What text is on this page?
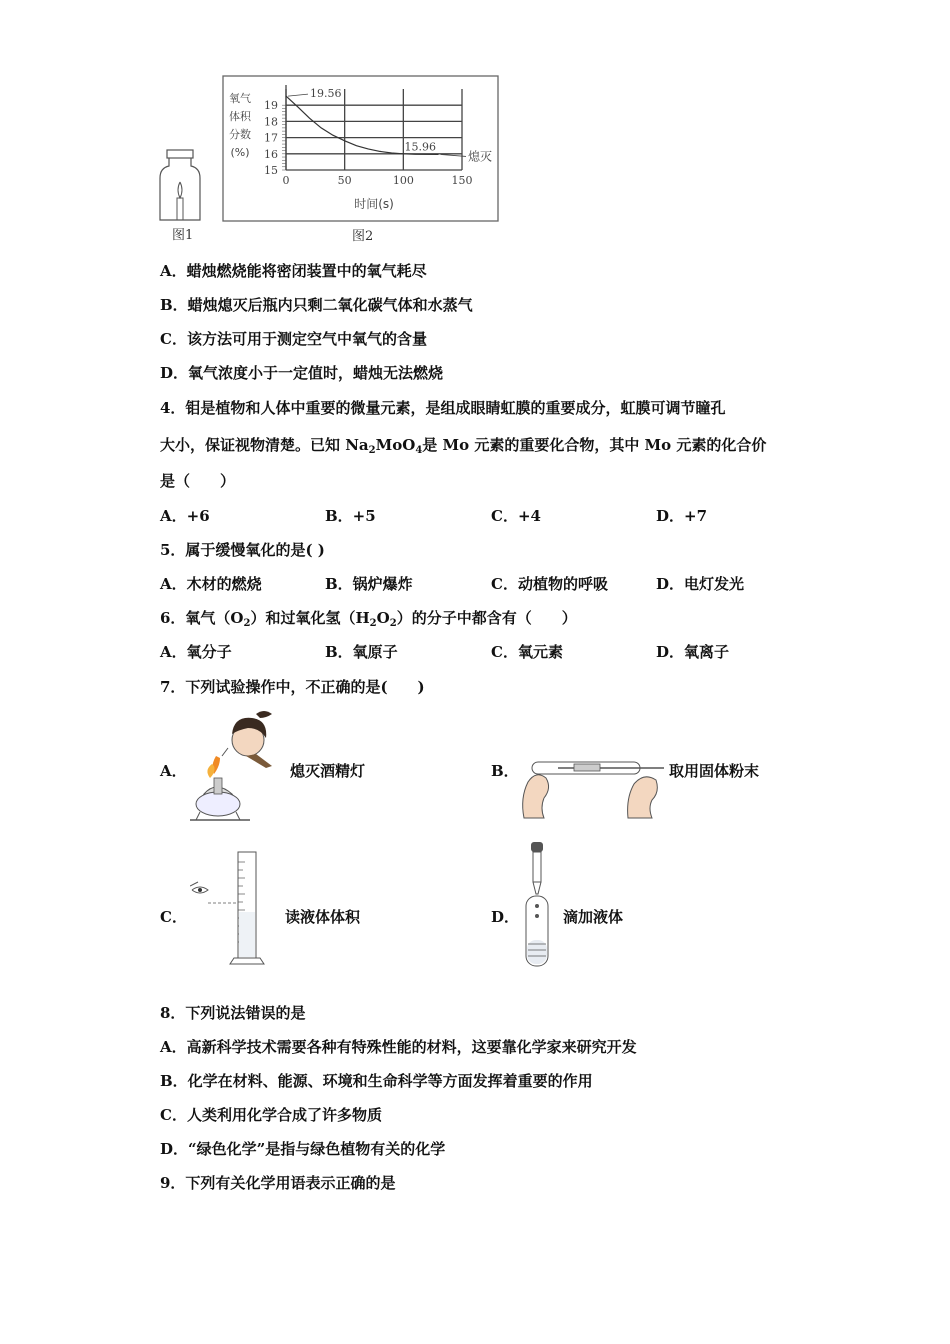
图1
15
16
17
18
19
0	50	100	150
19.56
15.96
熄灭
氧气
体积
分数
(%)
时间(s)
图2
A．蜡烛燃烧能将密闭装置中的氧气耗尽
B．蜡烛熄灭后瓶内只剩二氧化碳气体和水蒸气
C．该方法可用于测定空气中氧气的含量
D．氧气浓度小于一定值时，蜡烛无法燃烧
4．钼是植物和人体中重要的微量元素，是组成眼睛虹膜的重要成分，虹膜可调节瞳孔
大小，保证视物清楚。已知 $Na_2MoO_4$是 Mo 元素的重要化合物，其中 Mo 元素的化合价
是（　　）
A．+6	B．+5	C．+4	D．+7
5．属于缓慢氧化的是( )
A．木材的燃烧	B．锅炉爆炸	C．动植物的呼吸	D．电灯发光
6．氧气$(O_2)$和过氧化氢$(H_2O_2)$的分子中都含有（　　）
A．氧分子	B．氧原子	C．氧元素	D．氧离子
7．下列试验操作中，不正确的是(　　)
A．	熄灭酒精灯	B．	取用固体粉末
C．	读液体体积	D．	滴加液体
8．下列说法错误的是
A．高新科学技术需要各种有特殊性能的材料，这要靠化学家来研究开发
B．化学在材料、能源、环境和生命科学等方面发挥着重要的作用
C．人类利用化学合成了许多物质
D．“绿色化学”是指与绿色植物有关的化学
9．下列有关化学用语表示正确的是
